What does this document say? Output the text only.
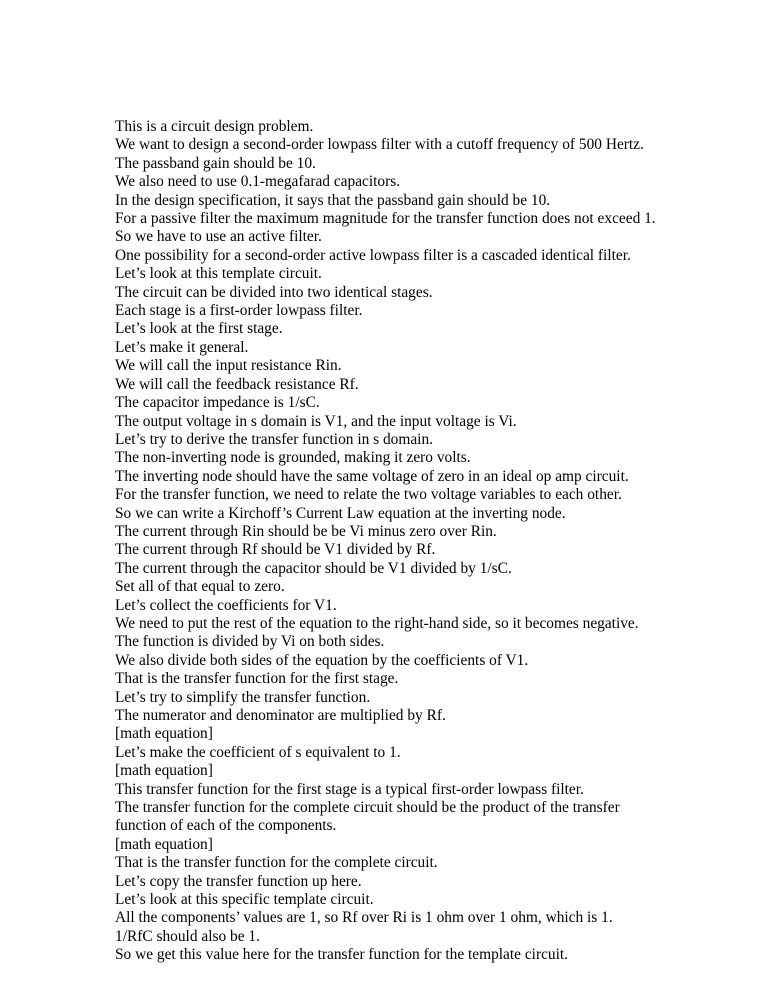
This is a circuit design problem.
We want to design a second-order lowpass filter with a cutoff frequency of 500 Hertz.
The passband gain should be 10.
We also need to use 0.1-megafarad capacitors.
In the design specification, it says that the passband gain should be 10.
For a passive filter the maximum magnitude for the transfer function does not exceed 1.
So we have to use an active filter.
One possibility for a second-order active lowpass filter is a cascaded identical filter.
Let’s look at this template circuit.
The circuit can be divided into two identical stages.
Each stage is a first-order lowpass filter.
Let’s look at the first stage.
Let’s make it general.
We will call the input resistance Rin.
We will call the feedback resistance Rf.
The capacitor impedance is 1/sC.
The output voltage in s domain is V1, and the input voltage is Vi.
Let’s try to derive the transfer function in s domain.
The non-inverting node is grounded, making it zero volts.
The inverting node should have the same voltage of zero in an ideal op amp circuit.
For the transfer function, we need to relate the two voltage variables to each other.
So we can write a Kirchoff’s Current Law equation at the inverting node.
The current through Rin should be be Vi minus zero over Rin.
The current through Rf should be V1 divided by Rf.
The current through the capacitor should be V1 divided by 1/sC.
Set all of that equal to zero.
Let’s collect the coefficients for V1.
We need to put the rest of the equation to the right-hand side, so it becomes negative.
The function is divided by Vi on both sides.
We also divide both sides of the equation by the coefficients of V1.
That is the transfer function for the first stage.
Let’s try to simplify the transfer function.
The numerator and denominator are multiplied by Rf.
[math equation]
Let’s make the coefficient of s equivalent to 1.
[math equation]
This transfer function for the first stage is a typical first-order lowpass filter.
The transfer function for the complete circuit should be the product of the transfer
function of each of the components.
[math equation]
That is the transfer function for the complete circuit.
Let’s copy the transfer function up here.
Let’s look at this specific template circuit.
All the components’ values are 1, so Rf over Ri is 1 ohm over 1 ohm, which is 1.
1/RfC should also be 1.
So we get this value here for the transfer function for the template circuit.
